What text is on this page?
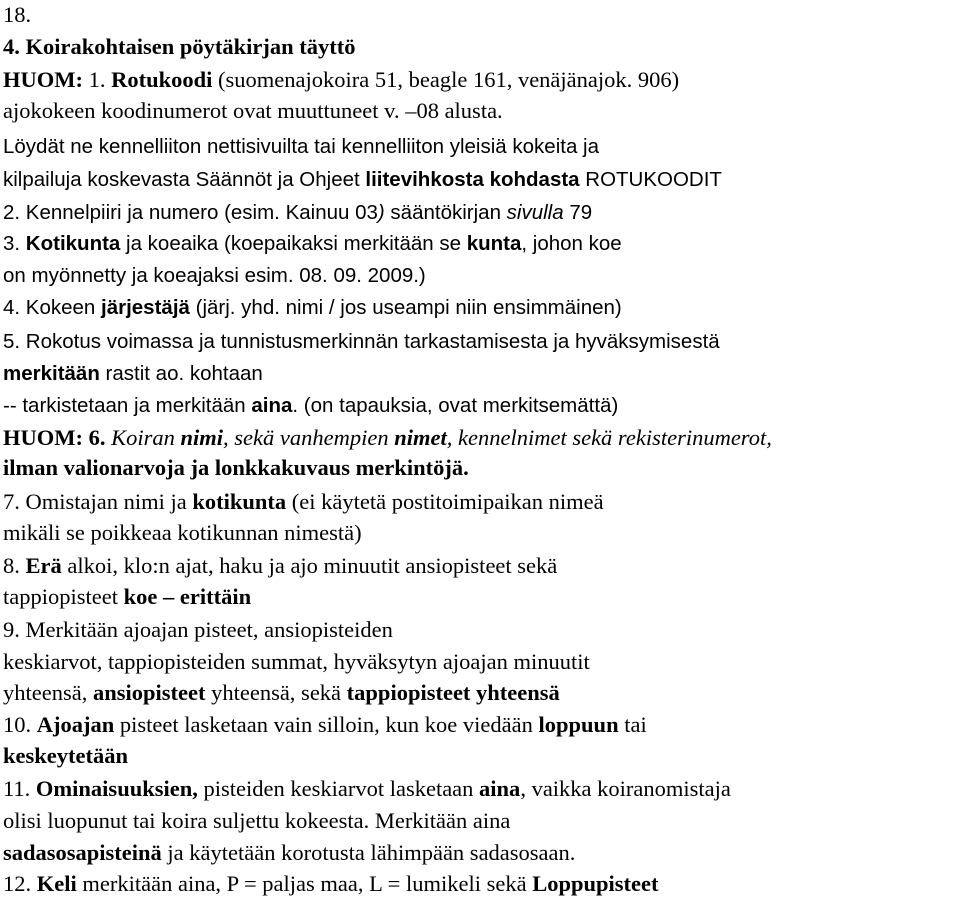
18.
4. Koirakohtaisen pöytäkirjan täyttö
HUOM: 1. Rotukoodi (suomenajokoira 51, beagle 161, venäjänajok. 906)
ajokokeen koodinumerot ovat muuttuneet v. –08 alusta.
Löydät ne kennelliiton nettisivuilta tai kennelliiton yleisiä kokeita ja
kilpailuja koskevasta Säännöt ja Ohjeet liitevihkosta kohdasta ROTUKOODIT
2. Kennelpiiri ja numero (esim. Kainuu 03) sääntökirjan sivulla 79
3. Kotikunta ja koeaika (koepaikaksi merkitään se kunta, johon koe
on myönnetty ja koeajaksi esim. 08. 09. 2009.)
4. Kokeen järjestäjä (järj. yhd. nimi / jos useampi niin ensimmäinen)
5. Rokotus voimassa ja tunnistusmerkinnän tarkastamisesta ja hyväksymisestä
merkitään rastit ao. kohtaan
-- tarkistetaan ja merkitään aina. (on tapauksia, ovat merkitsemättä)
HUOM: 6. Koiran nimi, sekä vanhempien nimet, kennelnimet sekä rekisterinumerot,
ilman valionarvoja ja lonkkakuvaus merkintöjä.
7. Omistajan nimi ja kotikunta (ei käytetä postitoimipaikan nimeä
mikäli se poikkeaa kotikunnan nimestä)
8. Erä alkoi, klo:n ajat, haku ja ajo minuutit ansiopisteet sekä
tappiopisteet koe – erittäin
9. Merkitään ajoajan pisteet, ansiopisteiden
keskiarvot, tappiopisteiden summat, hyväksytyn ajoajan minuutit
yhteensä, ansiopisteet yhteensä, sekä tappiopisteet yhteensä
10. Ajoajan pisteet lasketaan vain silloin, kun koe viedään loppuun tai
keskeytetään
11. Ominaisuuksien, pisteiden keskiarvot lasketaan aina, vaikka koiranomistaja
olisi luopunut tai koira suljettu kokeesta. Merkitään aina
sadasosapisteinä ja käytetään korotusta lähimpään sadasosaan.
12. Keli merkitään aina, P = paljas maa, L = lumikeli sekä Loppupisteet
